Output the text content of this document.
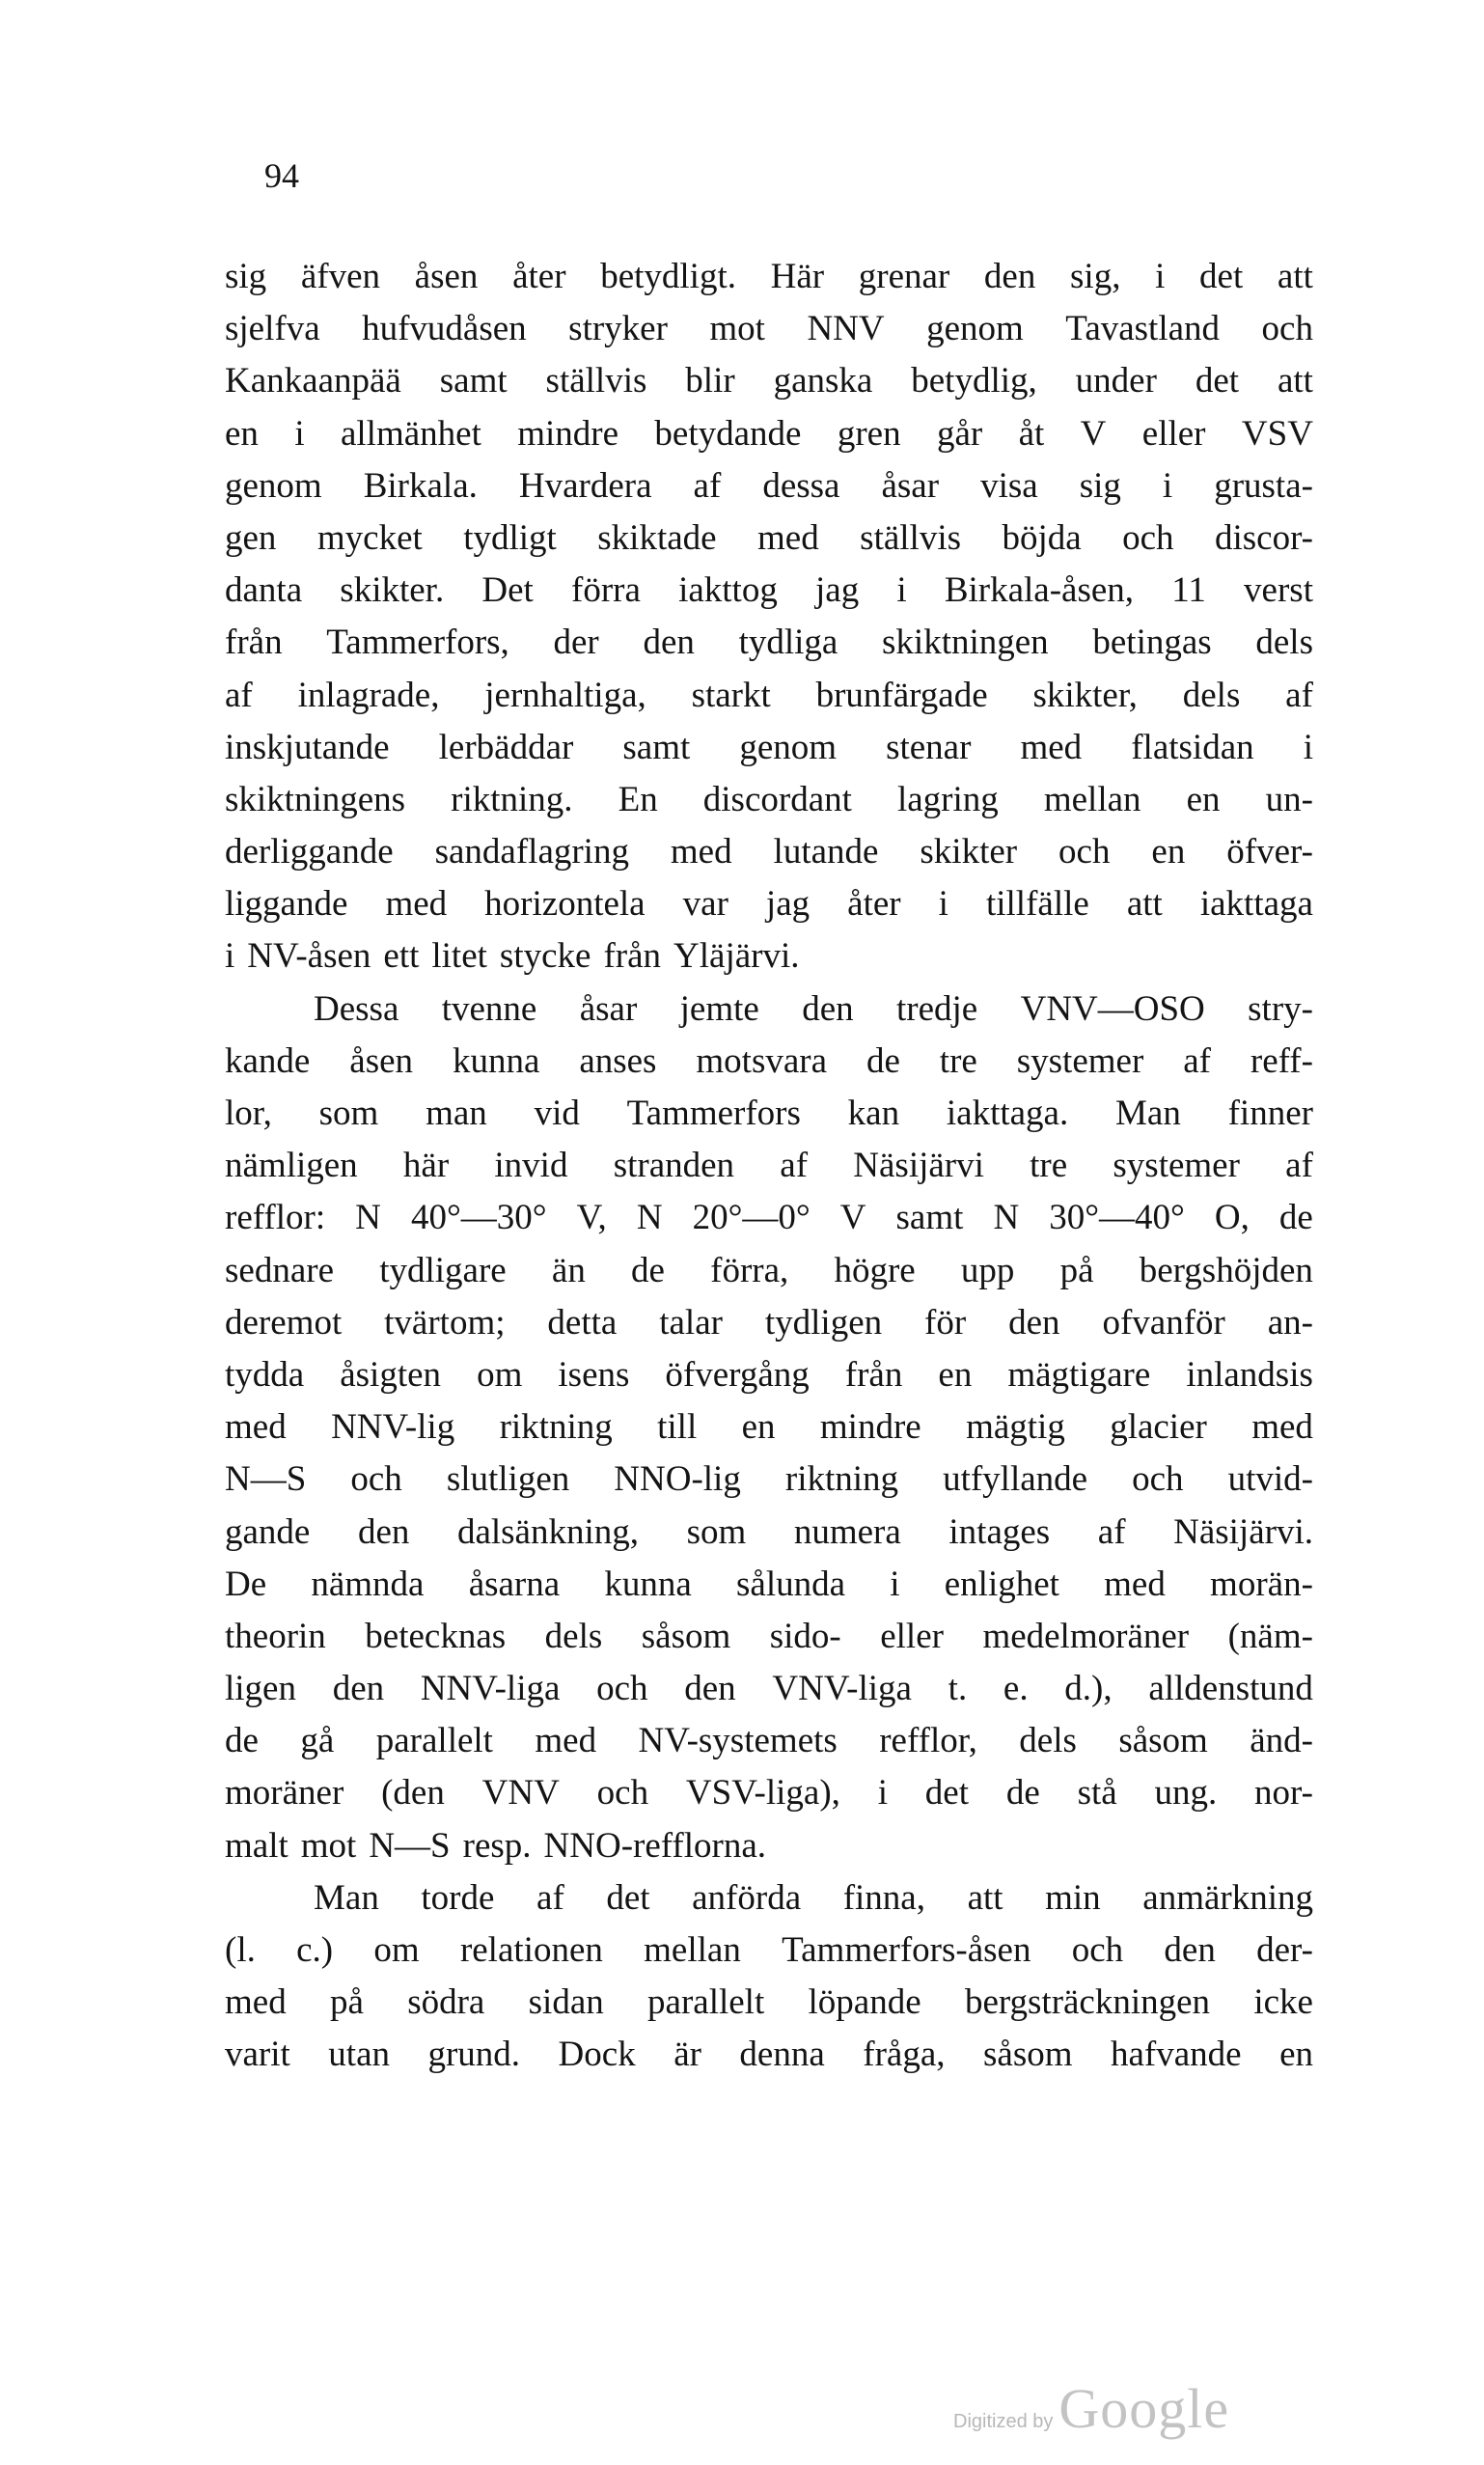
94
sig äfven åsen åter betydligt. Här grenar den sig, i det att
sjelfva hufvudåsen stryker mot NNV genom Tavastland och
Kankaanpää samt ställvis blir ganska betydlig, under det att
en i allmänhet mindre betydande gren går åt V eller VSV
genom Birkala. Hvardera af dessa åsar visa sig i grusta-
gen mycket tydligt skiktade med ställvis böjda och discor-
danta skikter. Det förra iakttog jag i Birkala-åsen, 11 verst
från Tammerfors, der den tydliga skiktningen betingas dels
af inlagrade, jernhaltiga, starkt brunfärgade skikter, dels af
inskjutande lerbäddar samt genom stenar med flatsidan i
skiktningens riktning. En discordant lagring mellan en un-
derliggande sandaflagring med lutande skikter och en öfver-
liggande med horizontela var jag åter i tillfälle att iakttaga
i NV-åsen ett litet stycke från Yläjärvi.
Dessa tvenne åsar jemte den tredje VNV—OSO stry-
kande åsen kunna anses motsvara de tre systemer af reff-
lor, som man vid Tammerfors kan iakttaga. Man finner
nämligen här invid stranden af Näsijärvi tre systemer af
refflor: N 40°—30° V, N 20°—0° V samt N 30°—40° O, de
sednare tydligare än de förra, högre upp på bergshöjden
deremot tvärtom; detta talar tydligen för den ofvanför an-
tydda åsigten om isens öfvergång från en mägtigare inlandsis
med NNV-lig riktning till en mindre mägtig glacier med
N—S och slutligen NNO-lig riktning utfyllande och utvid-
gande den dalsänkning, som numera intages af Näsijärvi.
De nämnda åsarna kunna sålunda i enlighet med morän-
theorin betecknas dels såsom sido- eller medelmoräner (näm-
ligen den NNV-liga och den VNV-liga t. e. d.), alldenstund
de gå parallelt med NV-systemets refflor, dels såsom änd-
moräner (den VNV och VSV-liga), i det de stå ung. nor-
malt mot N—S resp. NNO-refflorna.
Man torde af det anförda finna, att min anmärkning
(l. c.) om relationen mellan Tammerfors-åsen och den der-
med på södra sidan parallelt löpande bergsträckningen icke
varit utan grund. Dock är denna fråga, såsom hafvande en
Digitized by Google
